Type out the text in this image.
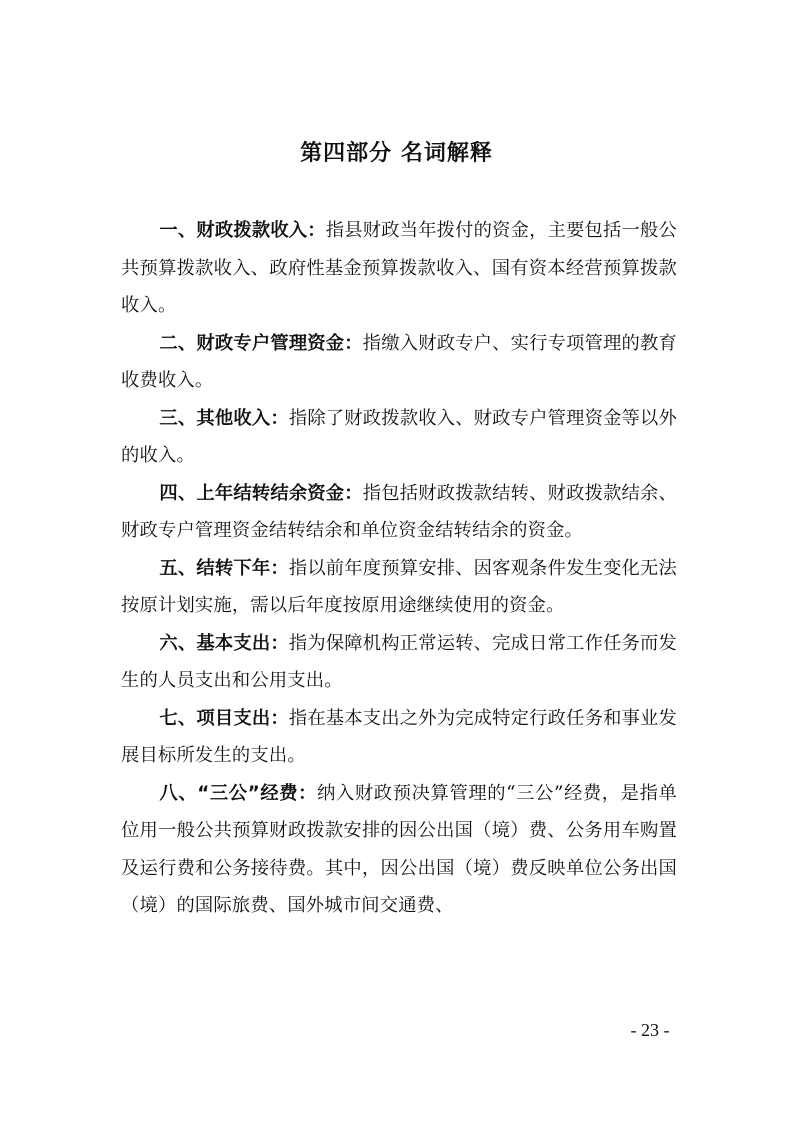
第四部分 名词解释

一、财政拨款收入：指县财政当年拨付的资金，主要包括一般公共预算拨款收入、政府性基金预算拨款收入、国有资本经营预算拨款收入。

二、财政专户管理资金：指缴入财政专户、实行专项管理的教育收费收入。

三、其他收入：指除了财政拨款收入、财政专户管理资金等以外的收入。

四、上年结转结余资金：指包括财政拨款结转、财政拨款结余、财政专户管理资金结转结余和单位资金结转结余的资金。

五、结转下年：指以前年度预算安排、因客观条件发生变化无法按原计划实施，需以后年度按原用途继续使用的资金。

六、基本支出：指为保障机构正常运转、完成日常工作任务而发生的人员支出和公用支出。

七、项目支出：指在基本支出之外为完成特定行政任务和事业发展目标所发生的支出。

八、“三公”经费：纳入财政预决算管理的“三公”经费，是指单位用一般公共预算财政拨款安排的因公出国（境）费、公务用车购置及运行费和公务接待费。其中，因公出国（境）费反映单位公务出国（境）的国际旅费、国外城市间交通费、

- 23 -
